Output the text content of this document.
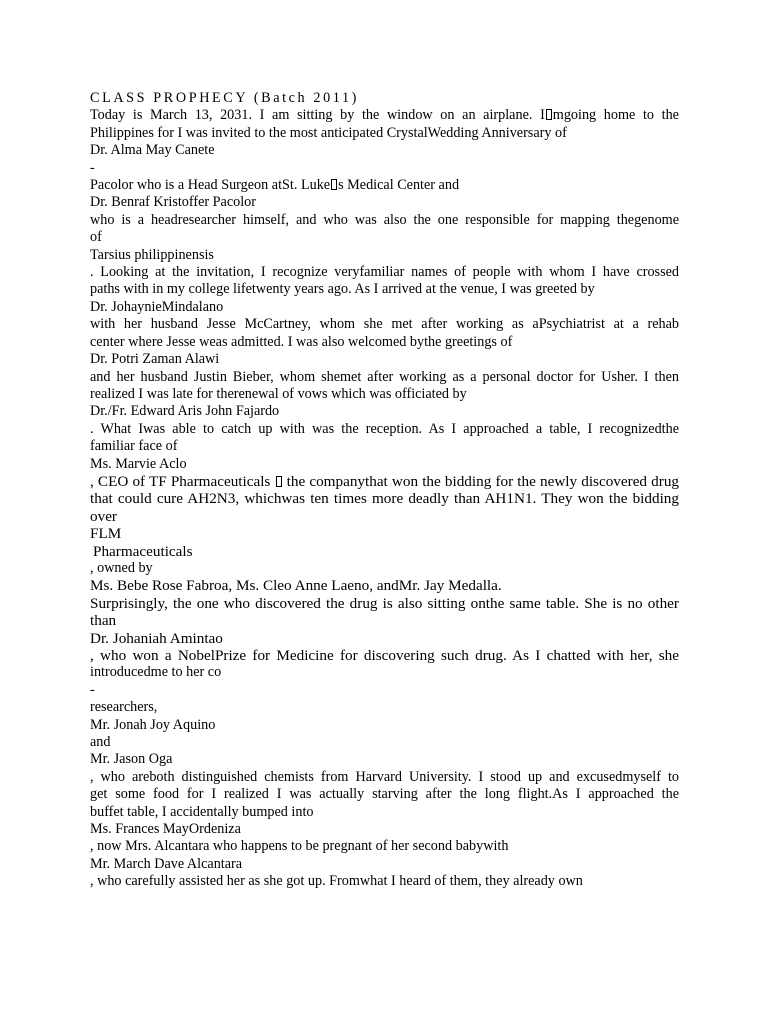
CLASS PROPHECY (Batch 2011)
Today is March 13, 2031. I am sitting by the window on an airplane. I mgoing home to the
Philippines for I was invited to the most anticipated CrystalWedding Anniversary of
Dr. Alma May Canete
-
Pacolor who is a Head Surgeon atSt. Luke s Medical Center and
Dr. Benraf Kristoffer Pacolor
who is a headresearcher himself, and who was also the one responsible for mapping thegenome
of
Tarsius philippinensis
. Looking at the invitation, I recognize veryfamiliar names of people with whom I have crossed
paths with in my college lifetwenty years ago. As I arrived at the venue, I was greeted by
Dr. JohaynieMindalano
with her husband Jesse McCartney, whom she met after working as aPsychiatrist at a rehab
center where Jesse weas admitted. I was also welcomed bythe greetings of
Dr. Potri Zaman Alawi
and her husband Justin Bieber, whom shemet after working as a personal doctor for Usher. I then
realized I was late for therenewal of vows which was officiated by
Dr./Fr. Edward Aris John Fajardo
. What Iwas able to catch up with was the reception. As I approached a table, I recognizedthe
familiar face of
Ms. Marvie Aclo
, CEO of TF Pharmaceuticals  the companythat won the bidding for the newly discovered drug
that could cure AH2N3, whichwas ten times more deadly than AH1N1. They won the bidding
over
FLM
Pharmaceuticals
, owned by
Ms. Bebe Rose Fabroa, Ms. Cleo Anne Laeno, andMr. Jay Medalla.
Surprisingly, the one who discovered the drug is also sitting onthe same table. She is no other
than
Dr. Johaniah Amintao
, who won a NobelPrize for Medicine for discovering such drug. As I chatted with her, she
introducedme to her co
-
researchers,
Mr. Jonah Joy Aquino
and
Mr. Jason Oga
, who areboth distinguished chemists from Harvard University. I stood up and excusedmyself to
get some food for I realized I was actually starving after the long flight.As I approached the
buffet table, I accidentally bumped into
Ms. Frances MayOrdeniza
, now Mrs. Alcantara who happens to be pregnant of her second babywith
Mr. March Dave Alcantara
, who carefully assisted her as she got up. Fromwhat I heard of them, they already own
